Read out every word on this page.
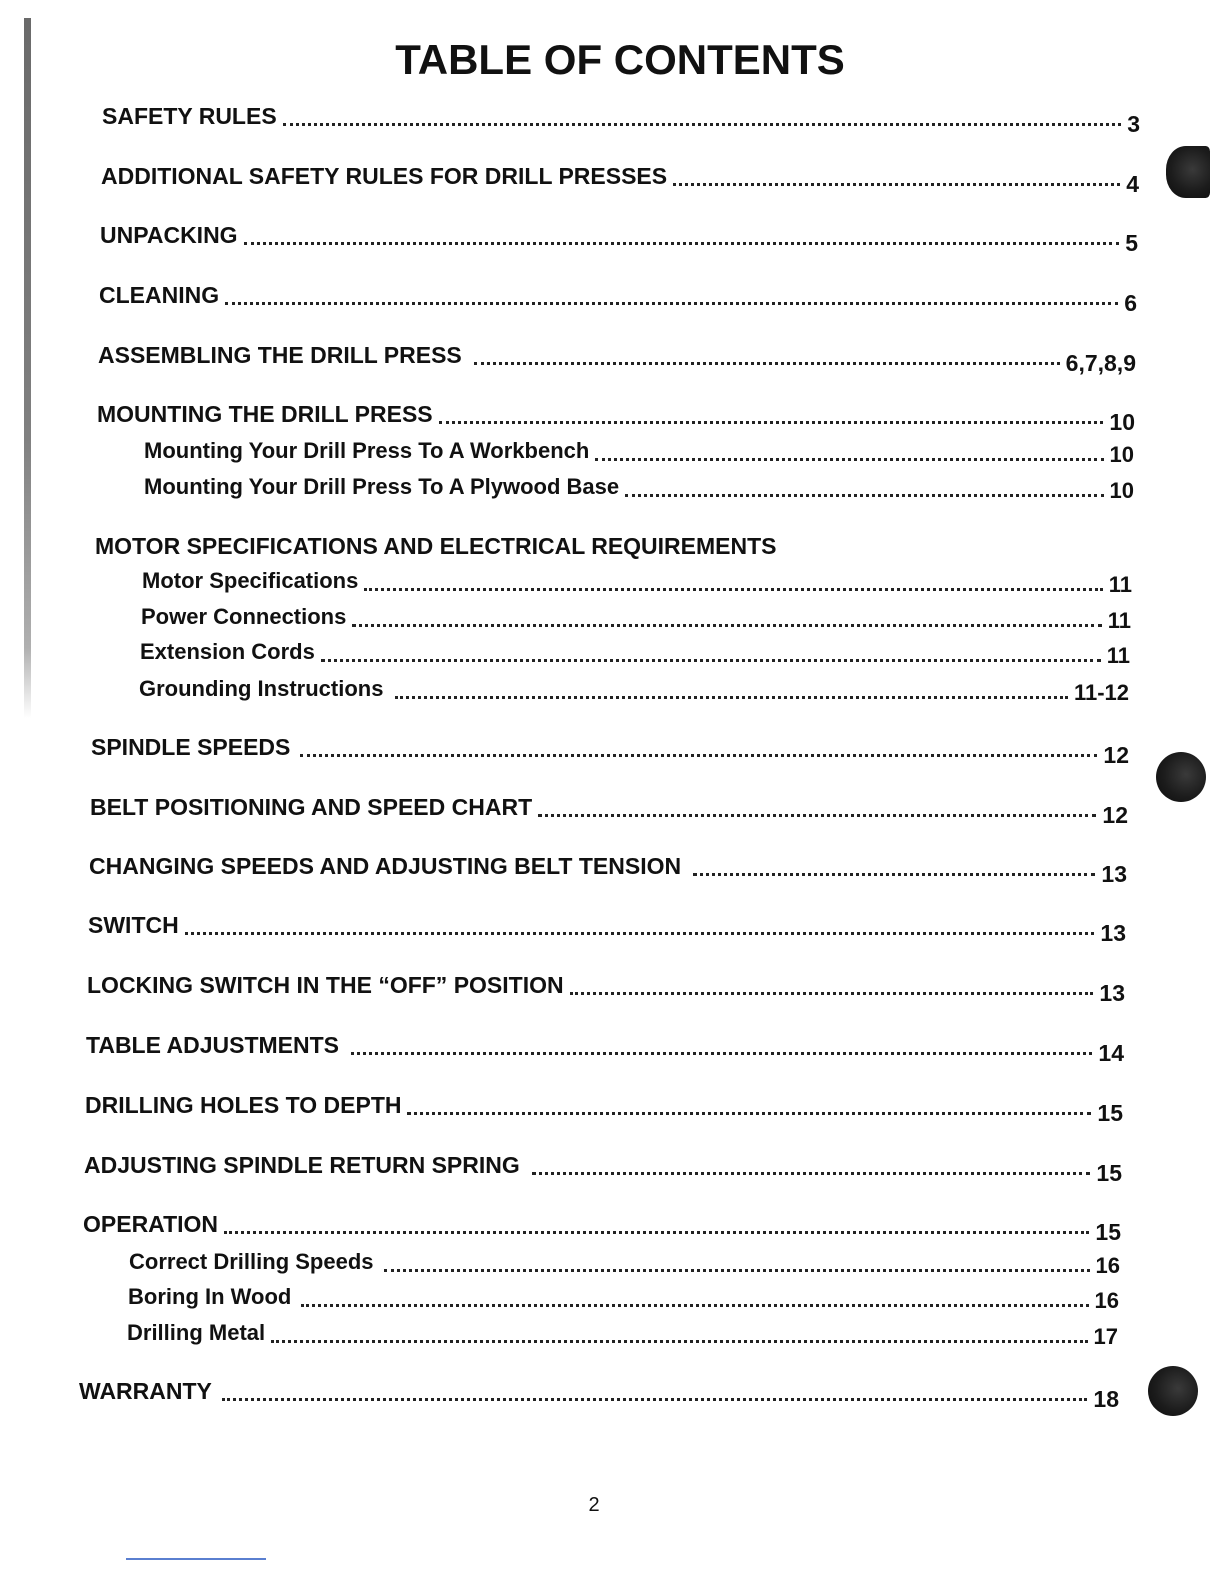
TABLE OF CONTENTS
SAFETY RULES	3
ADDITIONAL SAFETY RULES FOR DRILL PRESSES	4
UNPACKING	5
CLEANING	6
ASSEMBLING THE DRILL PRESS	6,7,8,9
MOUNTING THE DRILL PRESS	10
Mounting Your Drill Press To A Workbench	10
Mounting Your Drill Press To A Plywood Base	10
MOTOR SPECIFICATIONS AND ELECTRICAL REQUIREMENTS
Motor Specifications	11
Power Connections	11
Extension Cords	11
Grounding Instructions	11-12
SPINDLE SPEEDS	12
BELT POSITIONING AND SPEED CHART	12
CHANGING SPEEDS AND ADJUSTING BELT TENSION	13
SWITCH	13
LOCKING SWITCH IN THE “OFF” POSITION	13
TABLE ADJUSTMENTS	14
DRILLING HOLES TO DEPTH	15
ADJUSTING SPINDLE RETURN SPRING	15
OPERATION	15
Correct Drilling Speeds	16
Boring In Wood	16
Drilling Metal	17
WARRANTY	18
2
